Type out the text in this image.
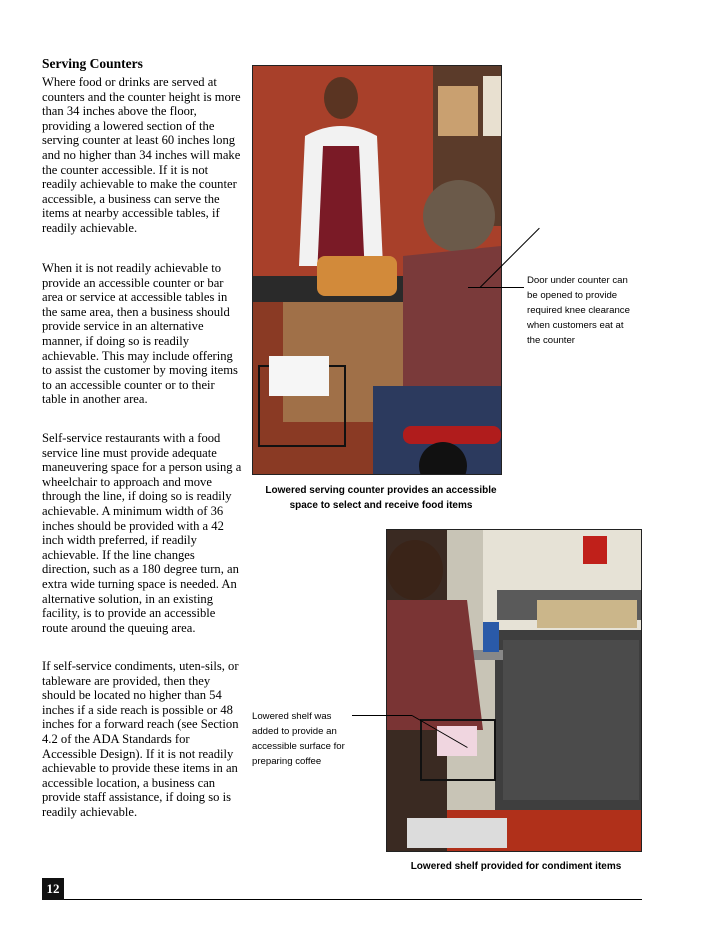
Serving Counters

Where food or drinks are served at counters and the counter height is more than 34 inches above the floor, providing a lowered section of the serving counter at least 60 inches long and no higher than 34 inches will make the counter accessible. If it is not readily achievable to make the counter accessible, a business can serve the items at nearby accessible tables, if readily achievable.

When it is not readily achievable to provide an accessible counter or bar area or service at accessible tables in the same area, then a business should provide service in an alternative manner, if doing so is readily achievable. This may include offering to assist the customer by moving items to an accessible counter or to their table in another area.

Self-service restaurants with a food service line must provide adequate maneuvering space for a person using a wheelchair to approach and move through the line, if doing so is readily achievable. A minimum width of 36 inches should be provided with a 42 inch width preferred, if readily achievable. If the line changes direction, such as a 180 degree turn, an extra wide turning space is needed. An alternative solution, in an existing facility, is to provide an accessible route around the queuing area.

If self-service condiments, uten-sils, or tableware are provided, then they should be located no higher than 54 inches if a side reach is possible or 48 inches for a forward reach (see Section 4.2 of the ADA Standards for Accessible Design). If it is not readily achievable to provide these items in an accessible location, a business can provide staff assistance, if doing so is readily achievable.

Door under counter can
be opened to provide
required knee clearance
when customers eat at
the counter
Lowered serving counter provides an accessible
space to select and receive food items
Lowered shelf was
added to provide an
accessible surface for
preparing coffee
Lowered shelf provided for condiment items
12
